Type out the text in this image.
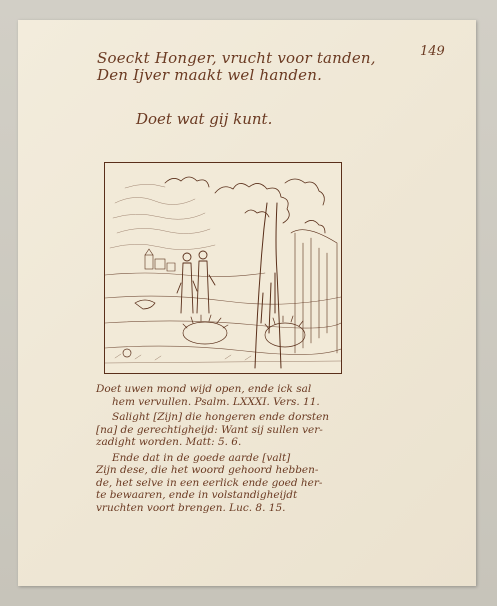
149
Soeckt Honger, vrucht voor tanden,
Den Ijver maakt wel handen.
Doet wat gij kunt.
Doet uwen mond wijd open, ende ick sal
hem vervullen. Psalm. LXXXI. Vers. 11.
Salight [Zijn] die hongeren ende dorsten
[na] de gerechtigheijd: Want sij sullen ver-
zadight worden. Matt: 5. 6.
Ende dat in de goede aarde [valt]
Zijn dese, die het woord gehoord hebben-
de, het selve in een eerlick ende goed her-
te bewaaren, ende in volstandigheijdt
vruchten voort brengen. Luc. 8. 15.
